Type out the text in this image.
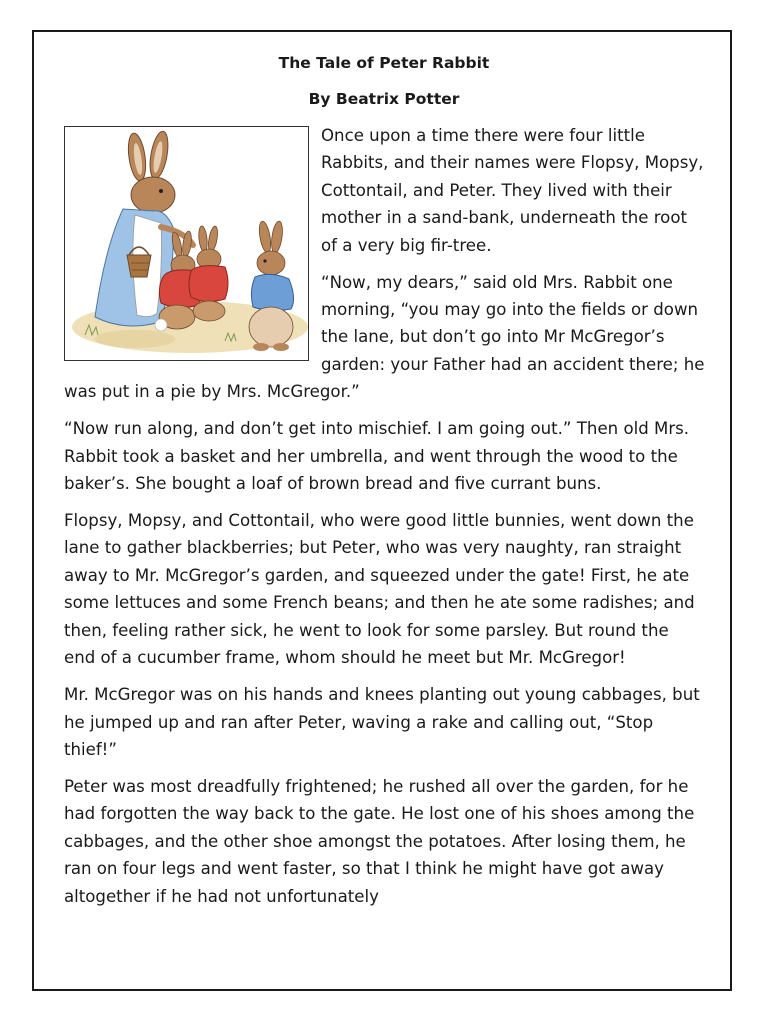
The Tale of Peter Rabbit
By Beatrix Potter

Once upon a time there were four little Rabbits, and their names were Flopsy, Mopsy, Cottontail, and Peter. They lived with their mother in a sand-bank, underneath the root of a very big fir-tree.

“Now, my dears,” said old Mrs. Rabbit one morning, “you may go into the fields or down the lane, but don’t go into Mr McGregor’s garden: your Father had an accident there; he was put in a pie by Mrs. McGregor.”

“Now run along, and don’t get into mischief. I am going out.” Then old Mrs. Rabbit took a basket and her umbrella, and went through the wood to the baker’s. She bought a loaf of brown bread and five currant buns.

Flopsy, Mopsy, and Cottontail, who were good little bunnies, went down the lane to gather blackberries; but Peter, who was very naughty, ran straight away to Mr. McGregor’s garden, and squeezed under the gate! First, he ate some lettuces and some French beans; and then he ate some radishes; and then, feeling rather sick, he went to look for some parsley. But round the end of a cucumber frame, whom should he meet but Mr. McGregor!

Mr. McGregor was on his hands and knees planting out young cabbages, but he jumped up and ran after Peter, waving a rake and calling out, “Stop thief!”

Peter was most dreadfully frightened; he rushed all over the garden, for he had forgotten the way back to the gate. He lost one of his shoes among the cabbages, and the other shoe amongst the potatoes. After losing them, he ran on four legs and went faster, so that I think he might have got away altogether if he had not unfortunately
